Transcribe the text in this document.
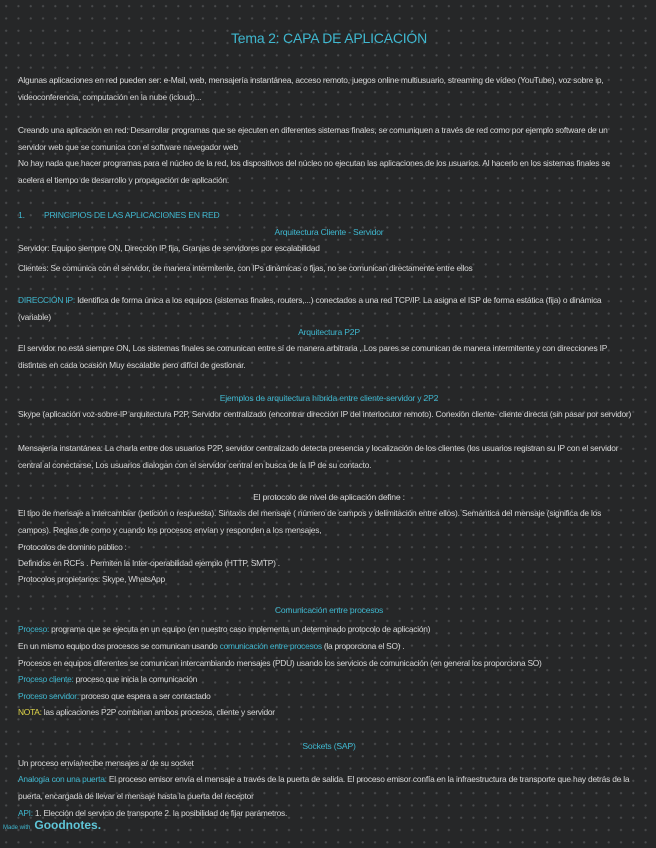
Tema 2: CAPA DE APLICACIÓN
Algunas aplicaciones en red pueden ser: e-Mail, web, mensajería instantánea, acceso remoto, juegos online multiusuario, streaming de vídeo (YouTube), voz sobre ip, videoconferencia, computación en la nube (icloud)...
Creando una aplicación en red: Desarrollar programas que se ejecuten en diferentes sistemas finales, se comuniquen a través de red como por ejemplo software de un servidor web que se comunica con el software navegador web
No hay nada que hacer programas para el núcleo de la red, los dispositivos del núcleo no ejecutan las aplicaciones de los usuarios. Al hacerlo en los sistemas finales se acelera el tiempo de desarrollo y propagación de aplicación.
1. PRINCIPIOS DE LAS APLICACIONES EN RED
Arquitectura Cliente - Servidor
Servidor: Equipo siempre ON, Dirección IP fija, Granjas de servidores por escalabilidad
Clientes: Se comunica con el servidor, de manera intermitente, con IPs dinámicas o fijas, no se comunican directamente entre ellos
DIRECCIÓN IP: Identifica de forma única a los equipos (sistemas finales, routers,...) conectados a una red TCP/IP. La asigna el ISP de forma estática (fija) o dinámica (variable)
Arquitectura P2P
El servidor no está siempre ON, Los sistemas finales se comunican entre sí de manera arbitraria , Los pares se comunican de manera intermitente y con direcciones IP distintas en cada ocasión Muy escalable pero difícil de gestionar.
Ejemplos de arquitectura híbrida entre cliente-servidor y 2P2
Skype (aplicación voz-sobre-IP arquitectura P2P, Servidor centralizado (encontrar dirección IP del interlocutor remoto). Conexión cliente- cliente directa (sin pasar por servidor)
Mensajería instantánea: La charla entre dos usuarios P2P, servidor centralizado detecta presencia y localización de los clientes (los usuarios registran su IP con el servidor central al conectarse, Los usuarios dialogan con el servidor central en busca de la IP de su contacto.
El protocolo de nivel de aplicación define :
El tipo de mensaje a intercambiar (petición o respuesta). Sintaxis del mensaje ( número de campos y delimitación entre ellos). Semántica del mensaje (significa de los campos). Reglas de como y cuando los procesos envían y responden a los mensajes,
Protocolos de dominio público :
Definidos en RCFs . Permiten la Inter-operabilidad ejemplo (HTTP, SMTP) .
Protocolos propietarios: Skype, WhatsApp
Comunicación entre procesos
Proceso: programa que se ejecuta en un equipo (en nuestro caso implementa un determinado protocolo de aplicación)
En un mismo equipo dos procesos se comunican usando comunicación entre procesos (la proporciona el SO) .
Procesos en equipos diferentes se comunican intercambiando mensajes (PDU) usando los servicios de comunicación (en general los proporciona SO)
Proceso cliente: proceso que inicia la comunicación
Proceso servidor: proceso que espera a ser contactado
NOTA: las aplicaciones P2P combinan ambos procesos, cliente y servidor
Sockets (SAP)
Un proceso envía/recibe mensajes a/ de su socket
Analogía con una puerta: El proceso emisor envía el mensaje a través de la puerta de salida. El proceso emisor confía en la infraestructura de transporte que hay detrás de la puerta, encargada de llevar el mensaje hasta la puerta del receptor
API: 1. Elección del servicio de transporte 2. la posibilidad de fijar parámetros.
Made with Goodnotes.
